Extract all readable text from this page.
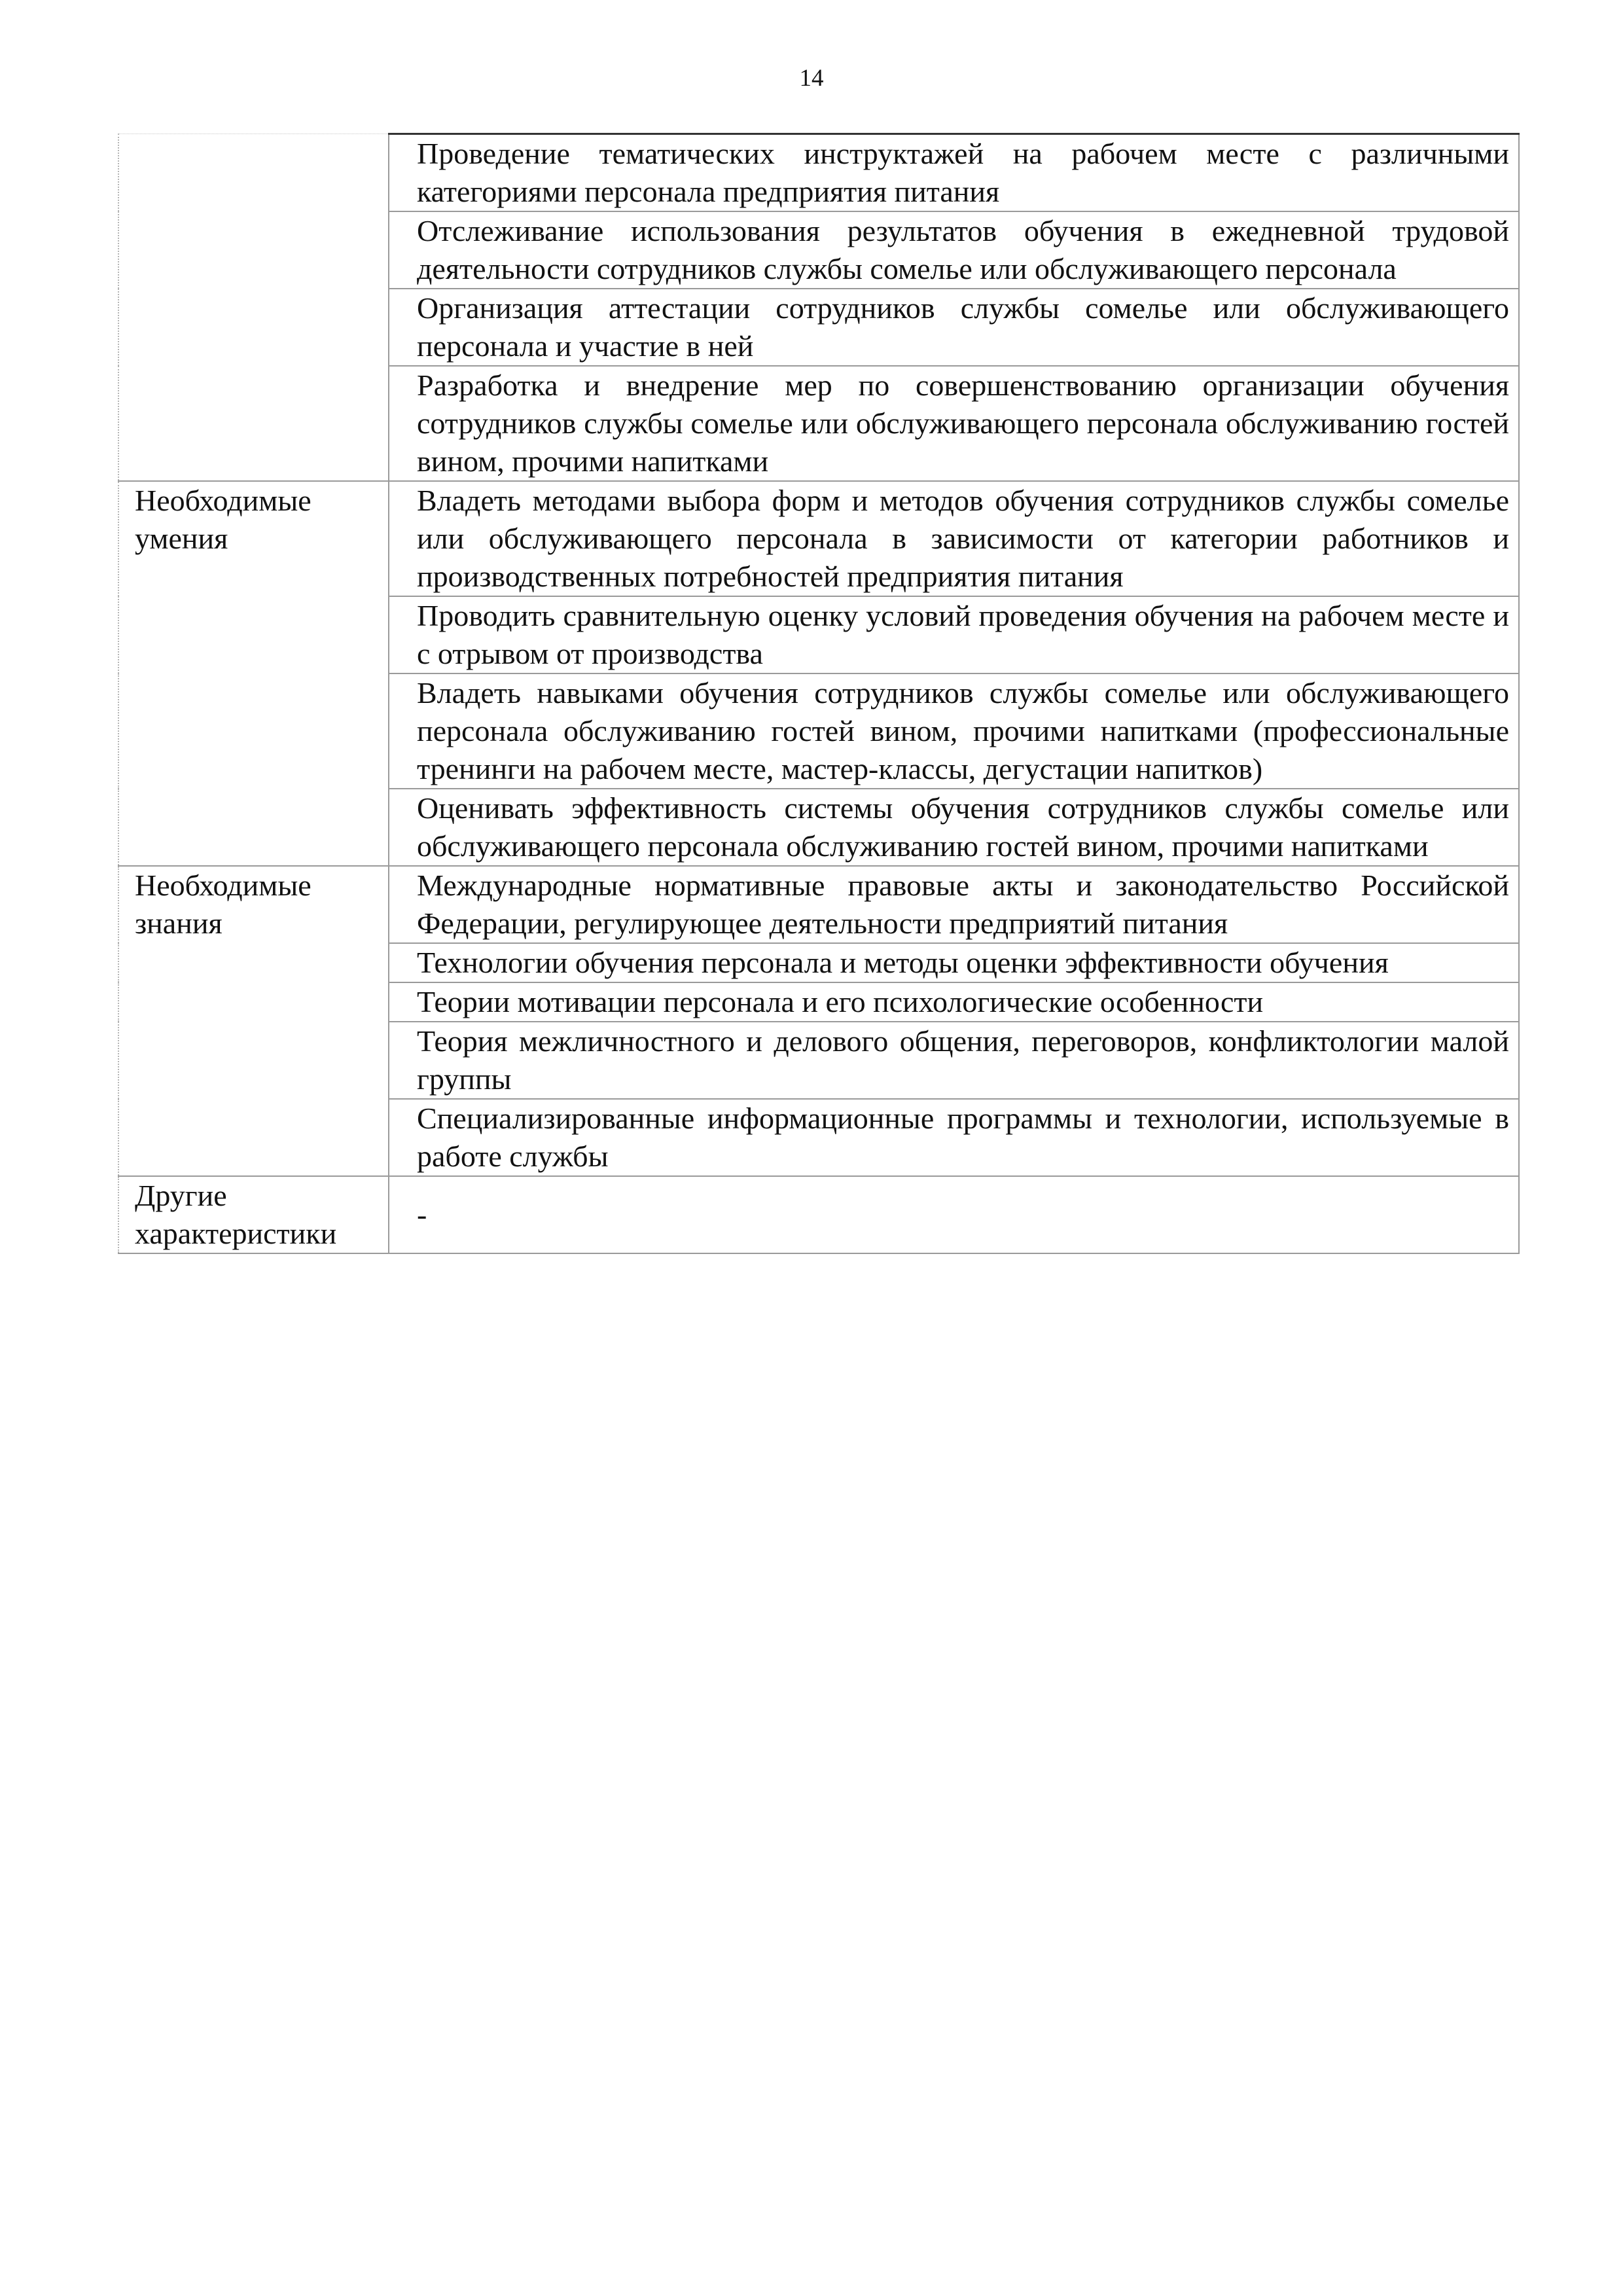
14
	Проведение тематических инструктажей на рабочем месте с различными категориями персонала предприятия питания
	Отслеживание использования результатов обучения в ежедневной трудовой деятельности сотрудников службы сомелье или обслуживающего персонала
	Организация аттестации сотрудников службы сомелье или обслуживающего персонала и участие в ней
	Разработка и внедрение мер по совершенствованию организации обучения сотрудников службы сомелье или обслуживающего персонала обслуживанию гостей вином, прочими напитками
Необходимые умения	Владеть методами выбора форм и методов обучения сотрудников службы сомелье или обслуживающего персонала в зависимости от категории работников и производственных потребностей предприятия питания
	Проводить сравнительную оценку условий проведения обучения на рабочем месте и с отрывом от производства
	Владеть навыками обучения сотрудников службы сомелье или обслуживающего персонала обслуживанию гостей вином, прочими напитками (профессиональные тренинги на рабочем месте, мастер-классы, дегустации напитков)
	Оценивать эффективность системы обучения сотрудников службы сомелье или обслуживающего персонала обслуживанию гостей вином, прочими напитками
Необходимые знания	Международные нормативные правовые акты и законодательство Российской Федерации, регулирующее деятельности предприятий питания
	Технологии обучения персонала и методы оценки эффективности обучения
	Теории мотивации персонала и его психологические особенности
	Теория межличностного и делового общения, переговоров, конфликтологии малой группы
	Специализированные информационные программы и технологии, используемые в работе службы
Другие характеристики	-
